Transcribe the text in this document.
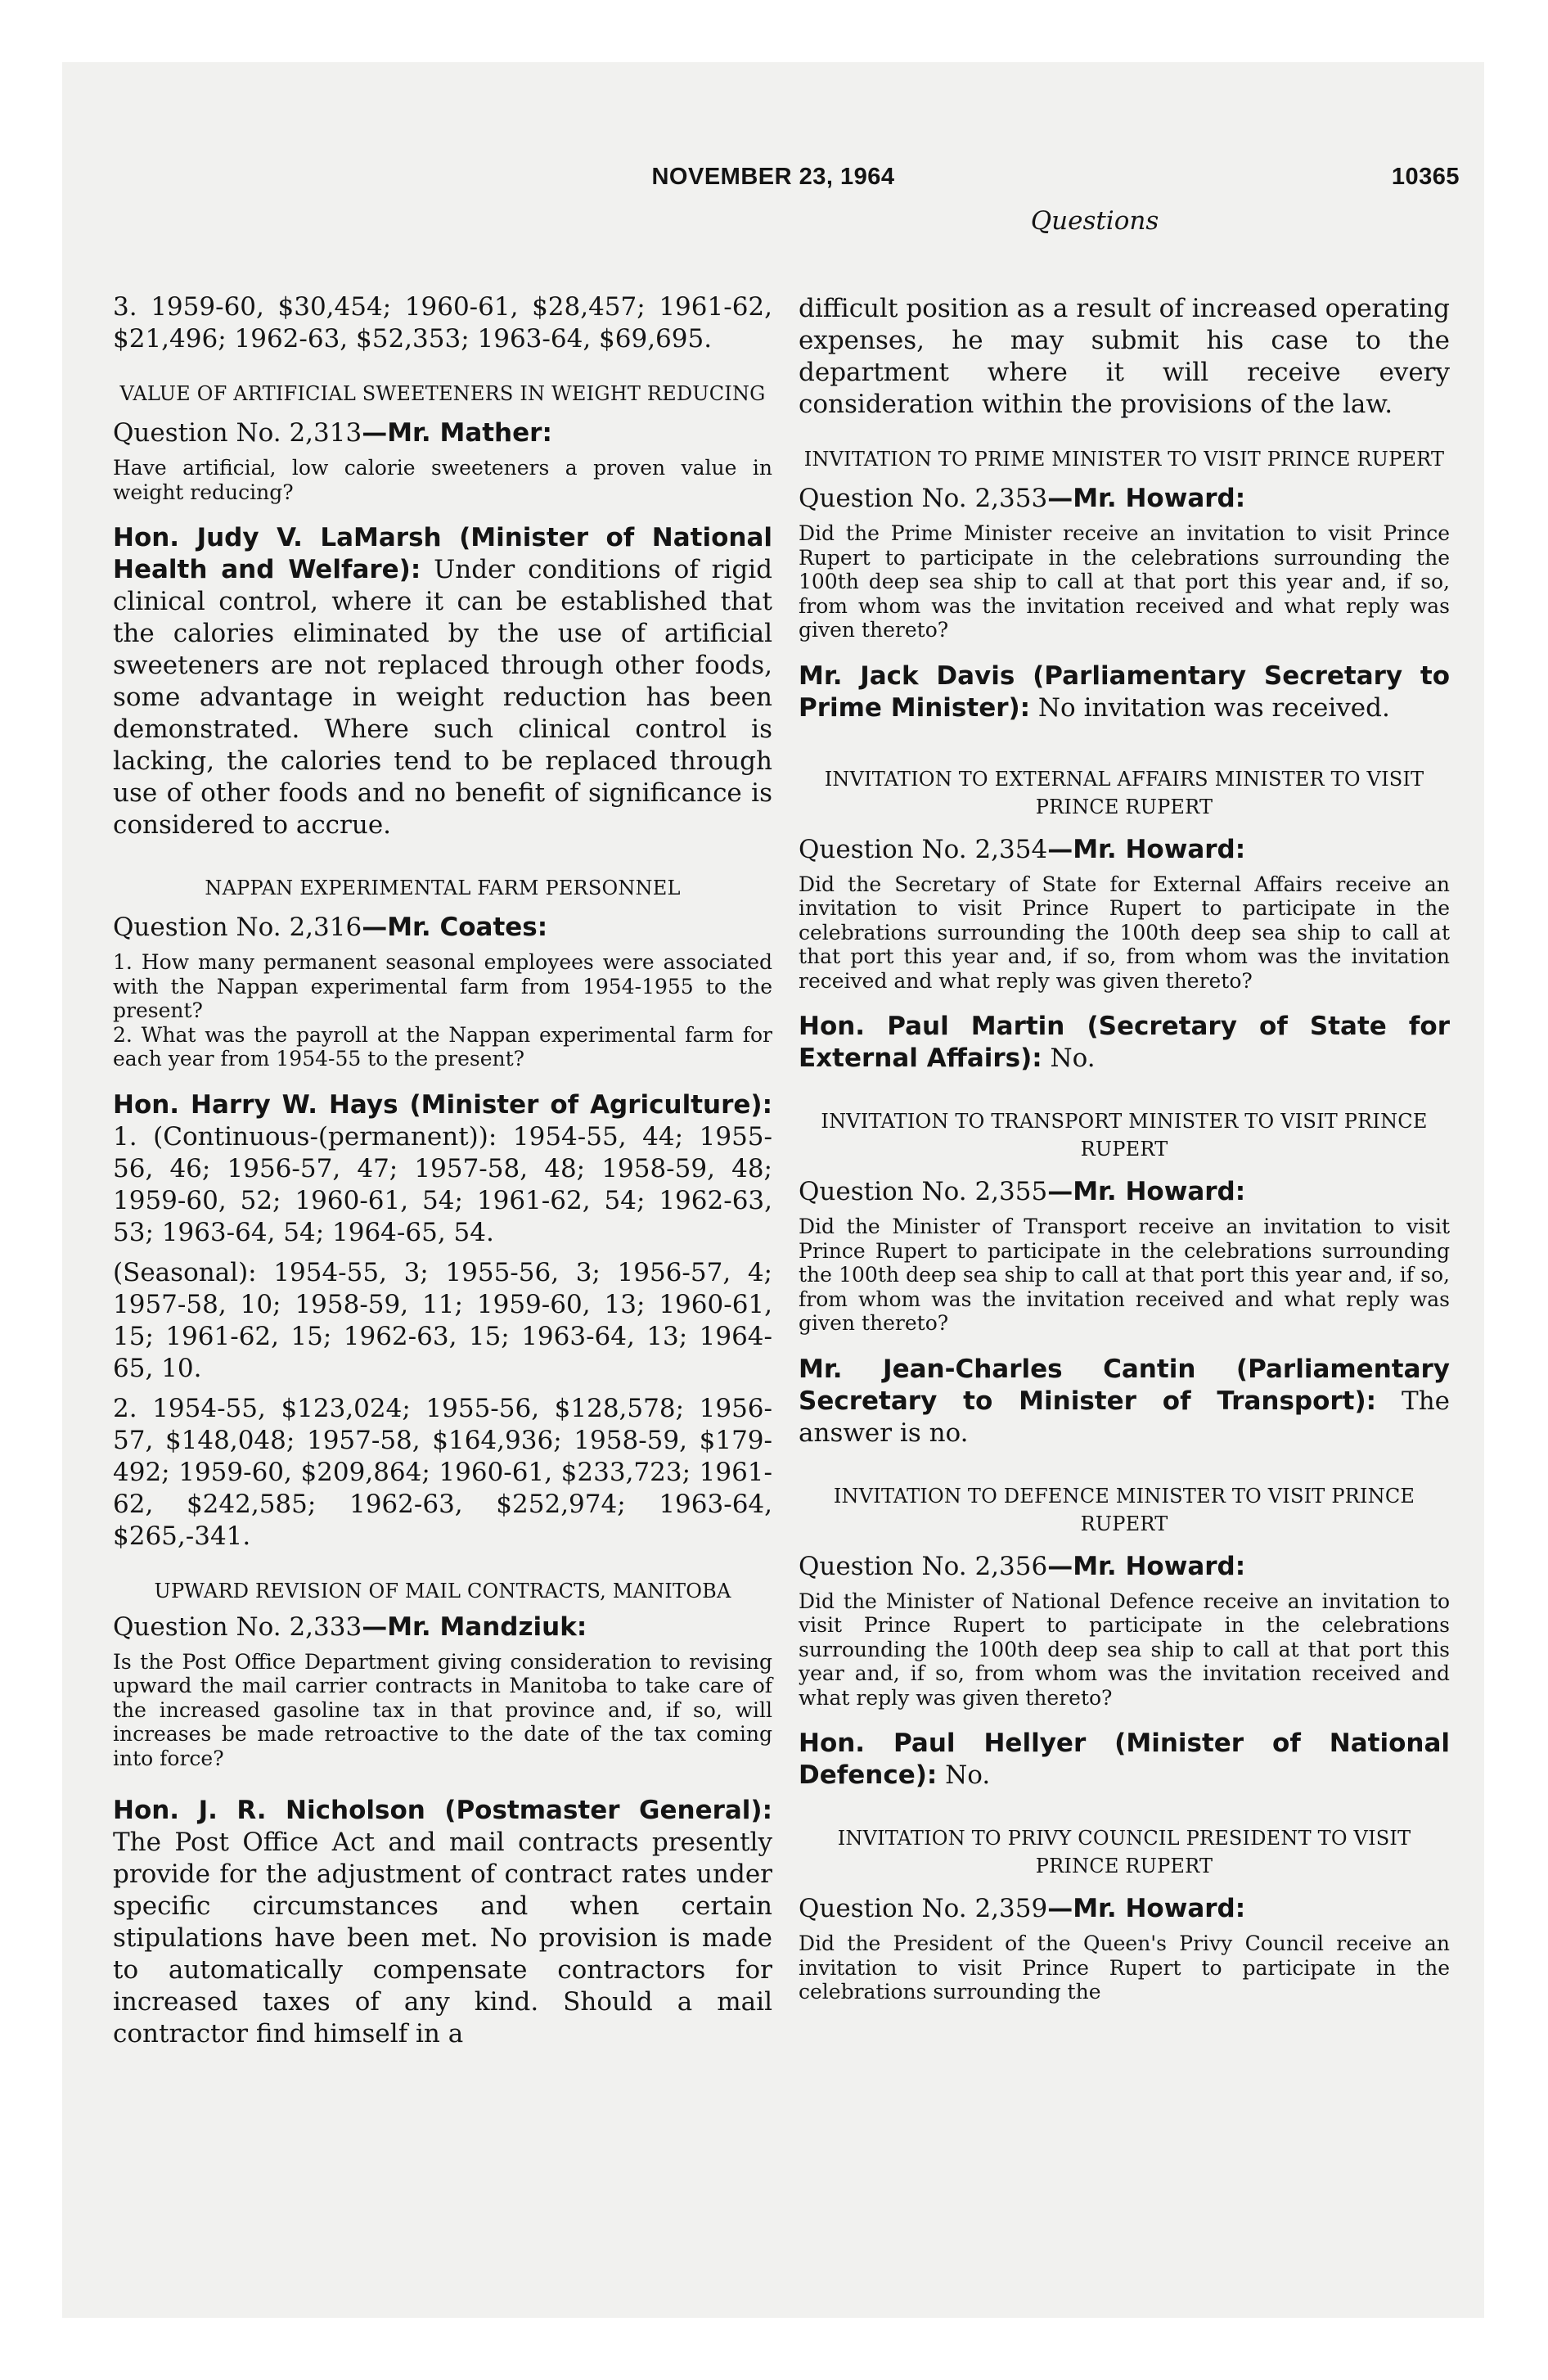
NOVEMBER 23, 1964	10365
Questions

3. 1959-60, $30,454; 1960-61, $28,457; 1961-62, $21,496; 1962-63, $52,353; 1963-64, $69,695.

VALUE OF ARTIFICIAL SWEETENERS IN WEIGHT REDUCING

Question No. 2,313—Mr. Mather:

Have artificial, low calorie sweeteners a proven value in weight reducing?

Hon. Judy V. LaMarsh (Minister of National Health and Welfare): Under conditions of rigid clinical control, where it can be established that the calories eliminated by the use of artificial sweeteners are not replaced through other foods, some advantage in weight reduction has been demonstrated. Where such clinical control is lacking, the calories tend to be replaced through use of other foods and no benefit of significance is considered to accrue.

NAPPAN EXPERIMENTAL FARM PERSONNEL

Question No. 2,316—Mr. Coates:

1. How many permanent seasonal employees were associated with the Nappan experimental farm from 1954-1955 to the present?

2. What was the payroll at the Nappan experimental farm for each year from 1954-55 to the present?

Hon. Harry W. Hays (Minister of Agriculture): 1. (Continuous-(permanent)): 1954-55, 44; 1955-56, 46; 1956-57, 47; 1957-58, 48; 1958-59, 48; 1959-60, 52; 1960-61, 54; 1961-62, 54; 1962-63, 53; 1963-64, 54; 1964-65, 54.

(Seasonal): 1954-55, 3; 1955-56, 3; 1956-57, 4; 1957-58, 10; 1958-59, 11; 1959-60, 13; 1960-61, 15; 1961-62, 15; 1962-63, 15; 1963-64, 13; 1964-65, 10.

2. 1954-55, $123,024; 1955-56, $128,578; 1956-57, $148,048; 1957-58, $164,936; 1958-59, $179-492; 1959-60, $209,864; 1960-61, $233,723; 1961-62, $242,585; 1962-63, $252,974; 1963-64, $265,-341.

UPWARD REVISION OF MAIL CONTRACTS, MANITOBA

Question No. 2,333—Mr. Mandziuk:

Is the Post Office Department giving consideration to revising upward the mail carrier contracts in Manitoba to take care of the increased gasoline tax in that province and, if so, will increases be made retroactive to the date of the tax coming into force?

Hon. J. R. Nicholson (Postmaster General): The Post Office Act and mail contracts presently provide for the adjustment of contract rates under specific circumstances and when certain stipulations have been met. No provision is made to automatically compensate contractors for increased taxes of any kind. Should a mail contractor find himself in a

difficult position as a result of increased operating expenses, he may submit his case to the department where it will receive every consideration within the provisions of the law.

INVITATION TO PRIME MINISTER TO VISIT PRINCE RUPERT

Question No. 2,353—Mr. Howard:

Did the Prime Minister receive an invitation to visit Prince Rupert to participate in the celebrations surrounding the 100th deep sea ship to call at that port this year and, if so, from whom was the invitation received and what reply was given thereto?

Mr. Jack Davis (Parliamentary Secretary to Prime Minister): No invitation was received.

INVITATION TO EXTERNAL AFFAIRS MINISTER TO VISIT PRINCE RUPERT

Question No. 2,354—Mr. Howard:

Did the Secretary of State for External Affairs receive an invitation to visit Prince Rupert to participate in the celebrations surrounding the 100th deep sea ship to call at that port this year and, if so, from whom was the invitation received and what reply was given thereto?

Hon. Paul Martin (Secretary of State for External Affairs): No.

INVITATION TO TRANSPORT MINISTER TO VISIT PRINCE RUPERT

Question No. 2,355—Mr. Howard:

Did the Minister of Transport receive an invitation to visit Prince Rupert to participate in the celebrations surrounding the 100th deep sea ship to call at that port this year and, if so, from whom was the invitation received and what reply was given thereto?

Mr. Jean-Charles Cantin (Parliamentary Secretary to Minister of Transport): The answer is no.

INVITATION TO DEFENCE MINISTER TO VISIT PRINCE RUPERT

Question No. 2,356—Mr. Howard:

Did the Minister of National Defence receive an invitation to visit Prince Rupert to participate in the celebrations surrounding the 100th deep sea ship to call at that port this year and, if so, from whom was the invitation received and what reply was given thereto?

Hon. Paul Hellyer (Minister of National Defence): No.

INVITATION TO PRIVY COUNCIL PRESIDENT TO VISIT PRINCE RUPERT

Question No. 2,359—Mr. Howard:

Did the President of the Queen's Privy Council receive an invitation to visit Prince Rupert to participate in the celebrations surrounding the
